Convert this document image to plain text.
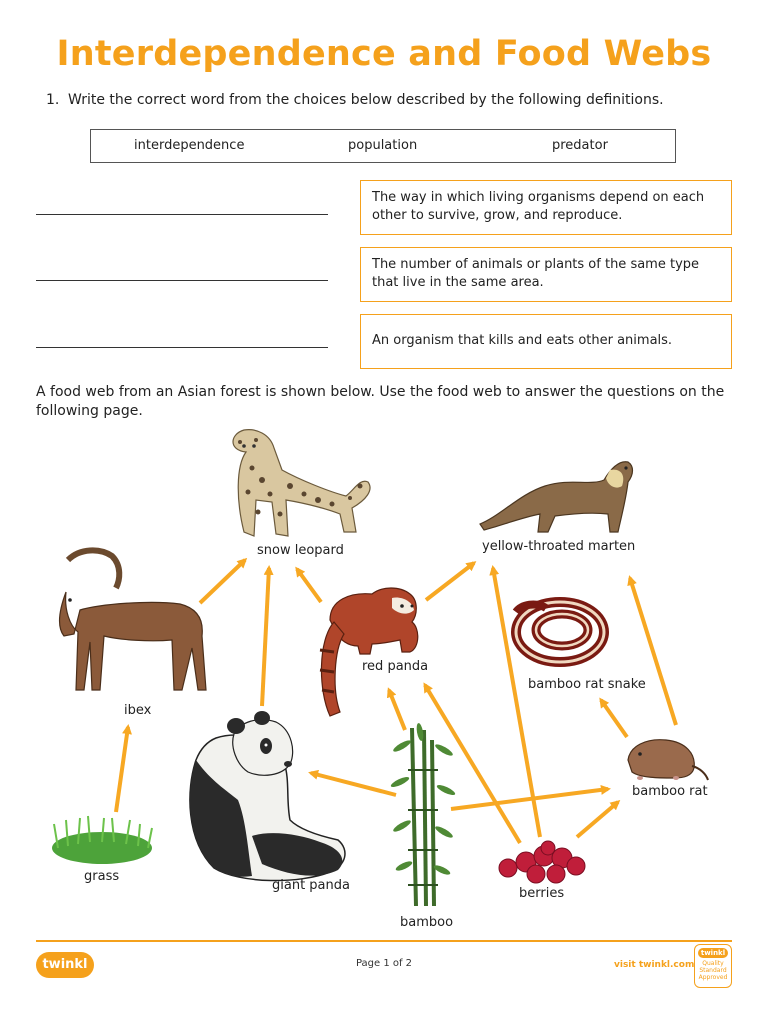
Interdependence and Food Webs
1. Write the correct word from the choices below described by the following definitions.
interdependence	population	predator
The way in which living organisms depend on each other to survive, grow, and reproduce.
The number of animals or plants of the same type that live in the same area.
An organism that kills and eats other animals.
A food web from an Asian forest is shown below. Use the food web to answer the questions on the following page.
snow leopard	yellow-throated marten
ibex
red panda
bamboo rat snake
bamboo rat
grass
giant panda
bamboo
berries
twinkl	Page 1 of 2	visit twinkl.com
twinkl
Quality Standard Approved
